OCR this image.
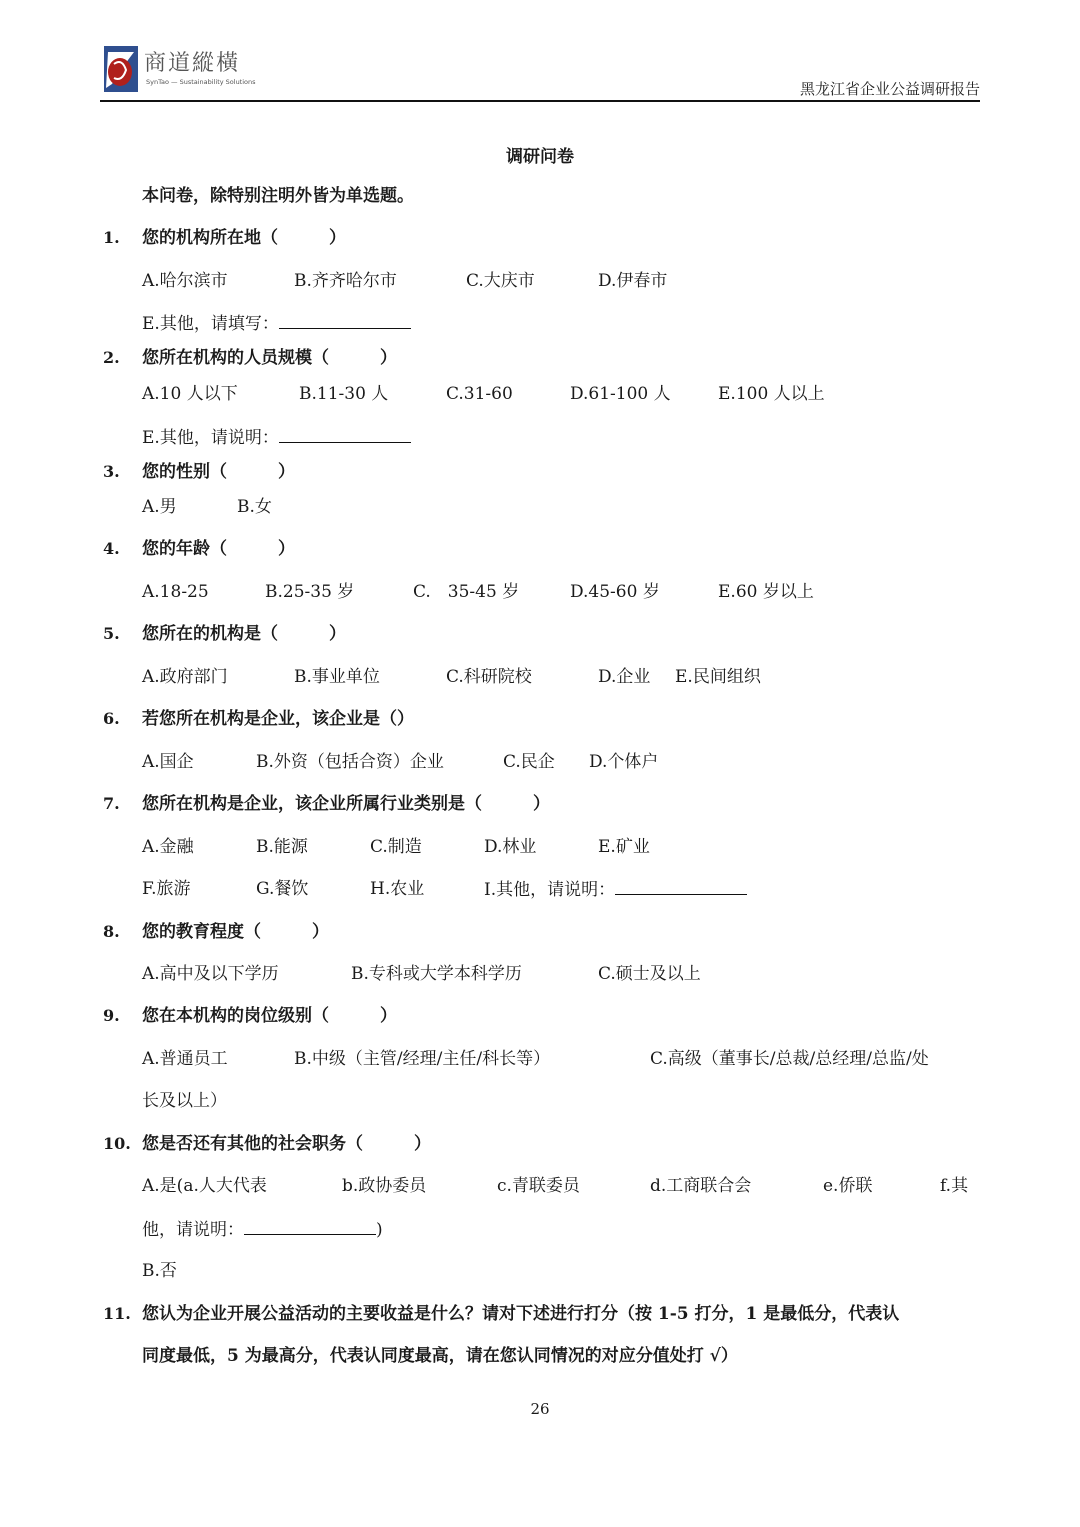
商道縱橫
SynTao — Sustainability Solutions	黑龙江省企业公益调研报告
调研问卷
本问卷，除特别注明外皆为单选题。
1. 您的机构所在地（　　　）
A.哈尔滨市	B.齐齐哈尔市	C.大庆市	D.伊春市
E.其他，请填写：
2. 您所在机构的人员规模（　　　）
A.10 人以下	B.11-30 人	C.31-60	D.61-100 人	E.100 人以上
E.其他，请说明：
3. 您的性别（　　　）
A.男	B.女
4. 您的年龄（　　　）
A.18-25	B.25-35 岁	C.　35-45 岁	D.45-60 岁	E.60 岁以上
5. 您所在的机构是（　　　）
A.政府部门	B.事业单位	C.科研院校	D.企业 E.民间组织
6. 若您所在机构是企业，该企业是（）
A.国企	B.外资（包括合资）企业	C.民企 D.个体户
7. 您所在机构是企业，该企业所属行业类别是（　　　）
A.金融	B.能源	C.制造	D.林业	E.矿业
F.旅游	G.餐饮	H.农业	I.其他，请说明：
8. 您的教育程度（　　　）
A.高中及以下学历	B.专科或大学本科学历	C.硕士及以上
9. 您在本机构的岗位级别（　　　）
A.普通员工	B.中级（主管/经理/主任/科长等）	C.高级（董事长/总裁/总经理/总监/处
长及以上）
10. 您是否还有其他的社会职务（　　　）
A.是(a.人大代表	b.政协委员	c.青联委员	d.工商联合会	e.侨联	f.其
他，请说明：	)
B.否
11. 您认为企业开展公益活动的主要收益是什么？请对下述进行打分（按 1-5 打分，1 是最低分，代表认
同度最低，5 为最高分，代表认同度最高，请在您认同情况的对应分值处打 √）
26
